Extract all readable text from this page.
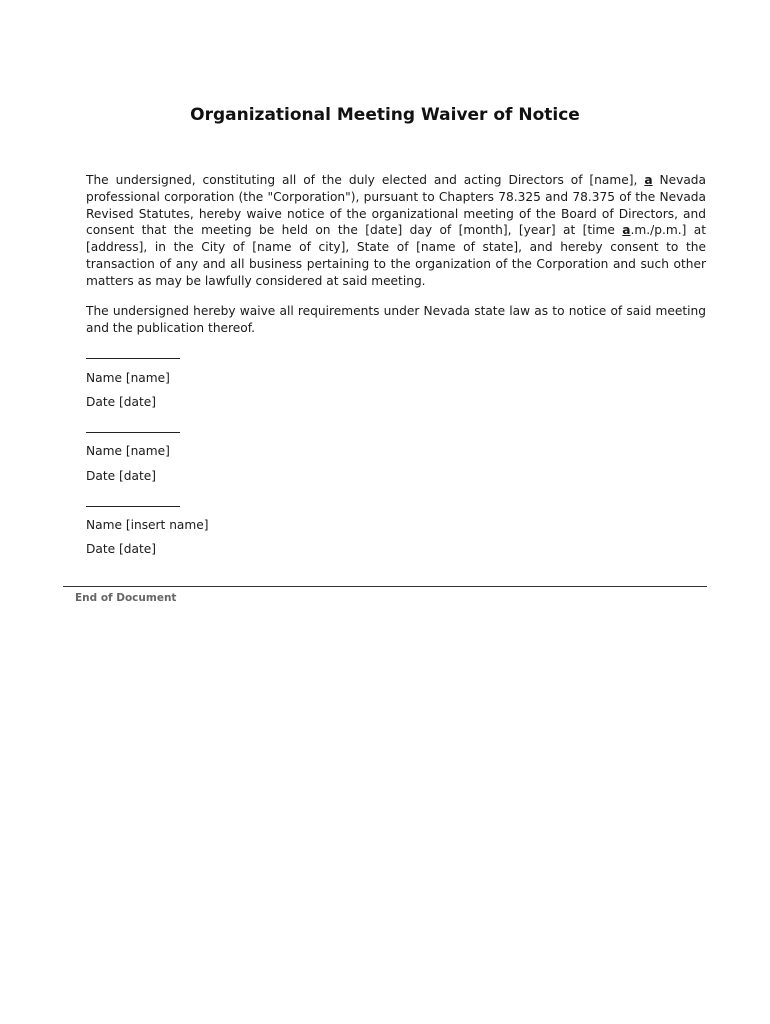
Organizational Meeting Waiver of Notice
The undersigned, constituting all of the duly elected and acting Directors of [name], a Nevada professional corporation (the "Corporation"), pursuant to Chapters 78.325 and 78.375 of the Nevada Revised Statutes, hereby waive notice of the organizational meeting of the Board of Directors, and consent that the meeting be held on the [date] day of [month], [year] at [time a.m./p.m.] at [address], in the City of [name of city], State of [name of state], and hereby consent to the transaction of any and all business pertaining to the organization of the Corporation and such other matters as may be lawfully considered at said meeting.
The undersigned hereby waive all requirements under Nevada state law as to notice of said meeting and the publication thereof.
Name [name]
Date [date]
Name [name]
Date [date]
Name [insert name]
Date [date]
End of Document
